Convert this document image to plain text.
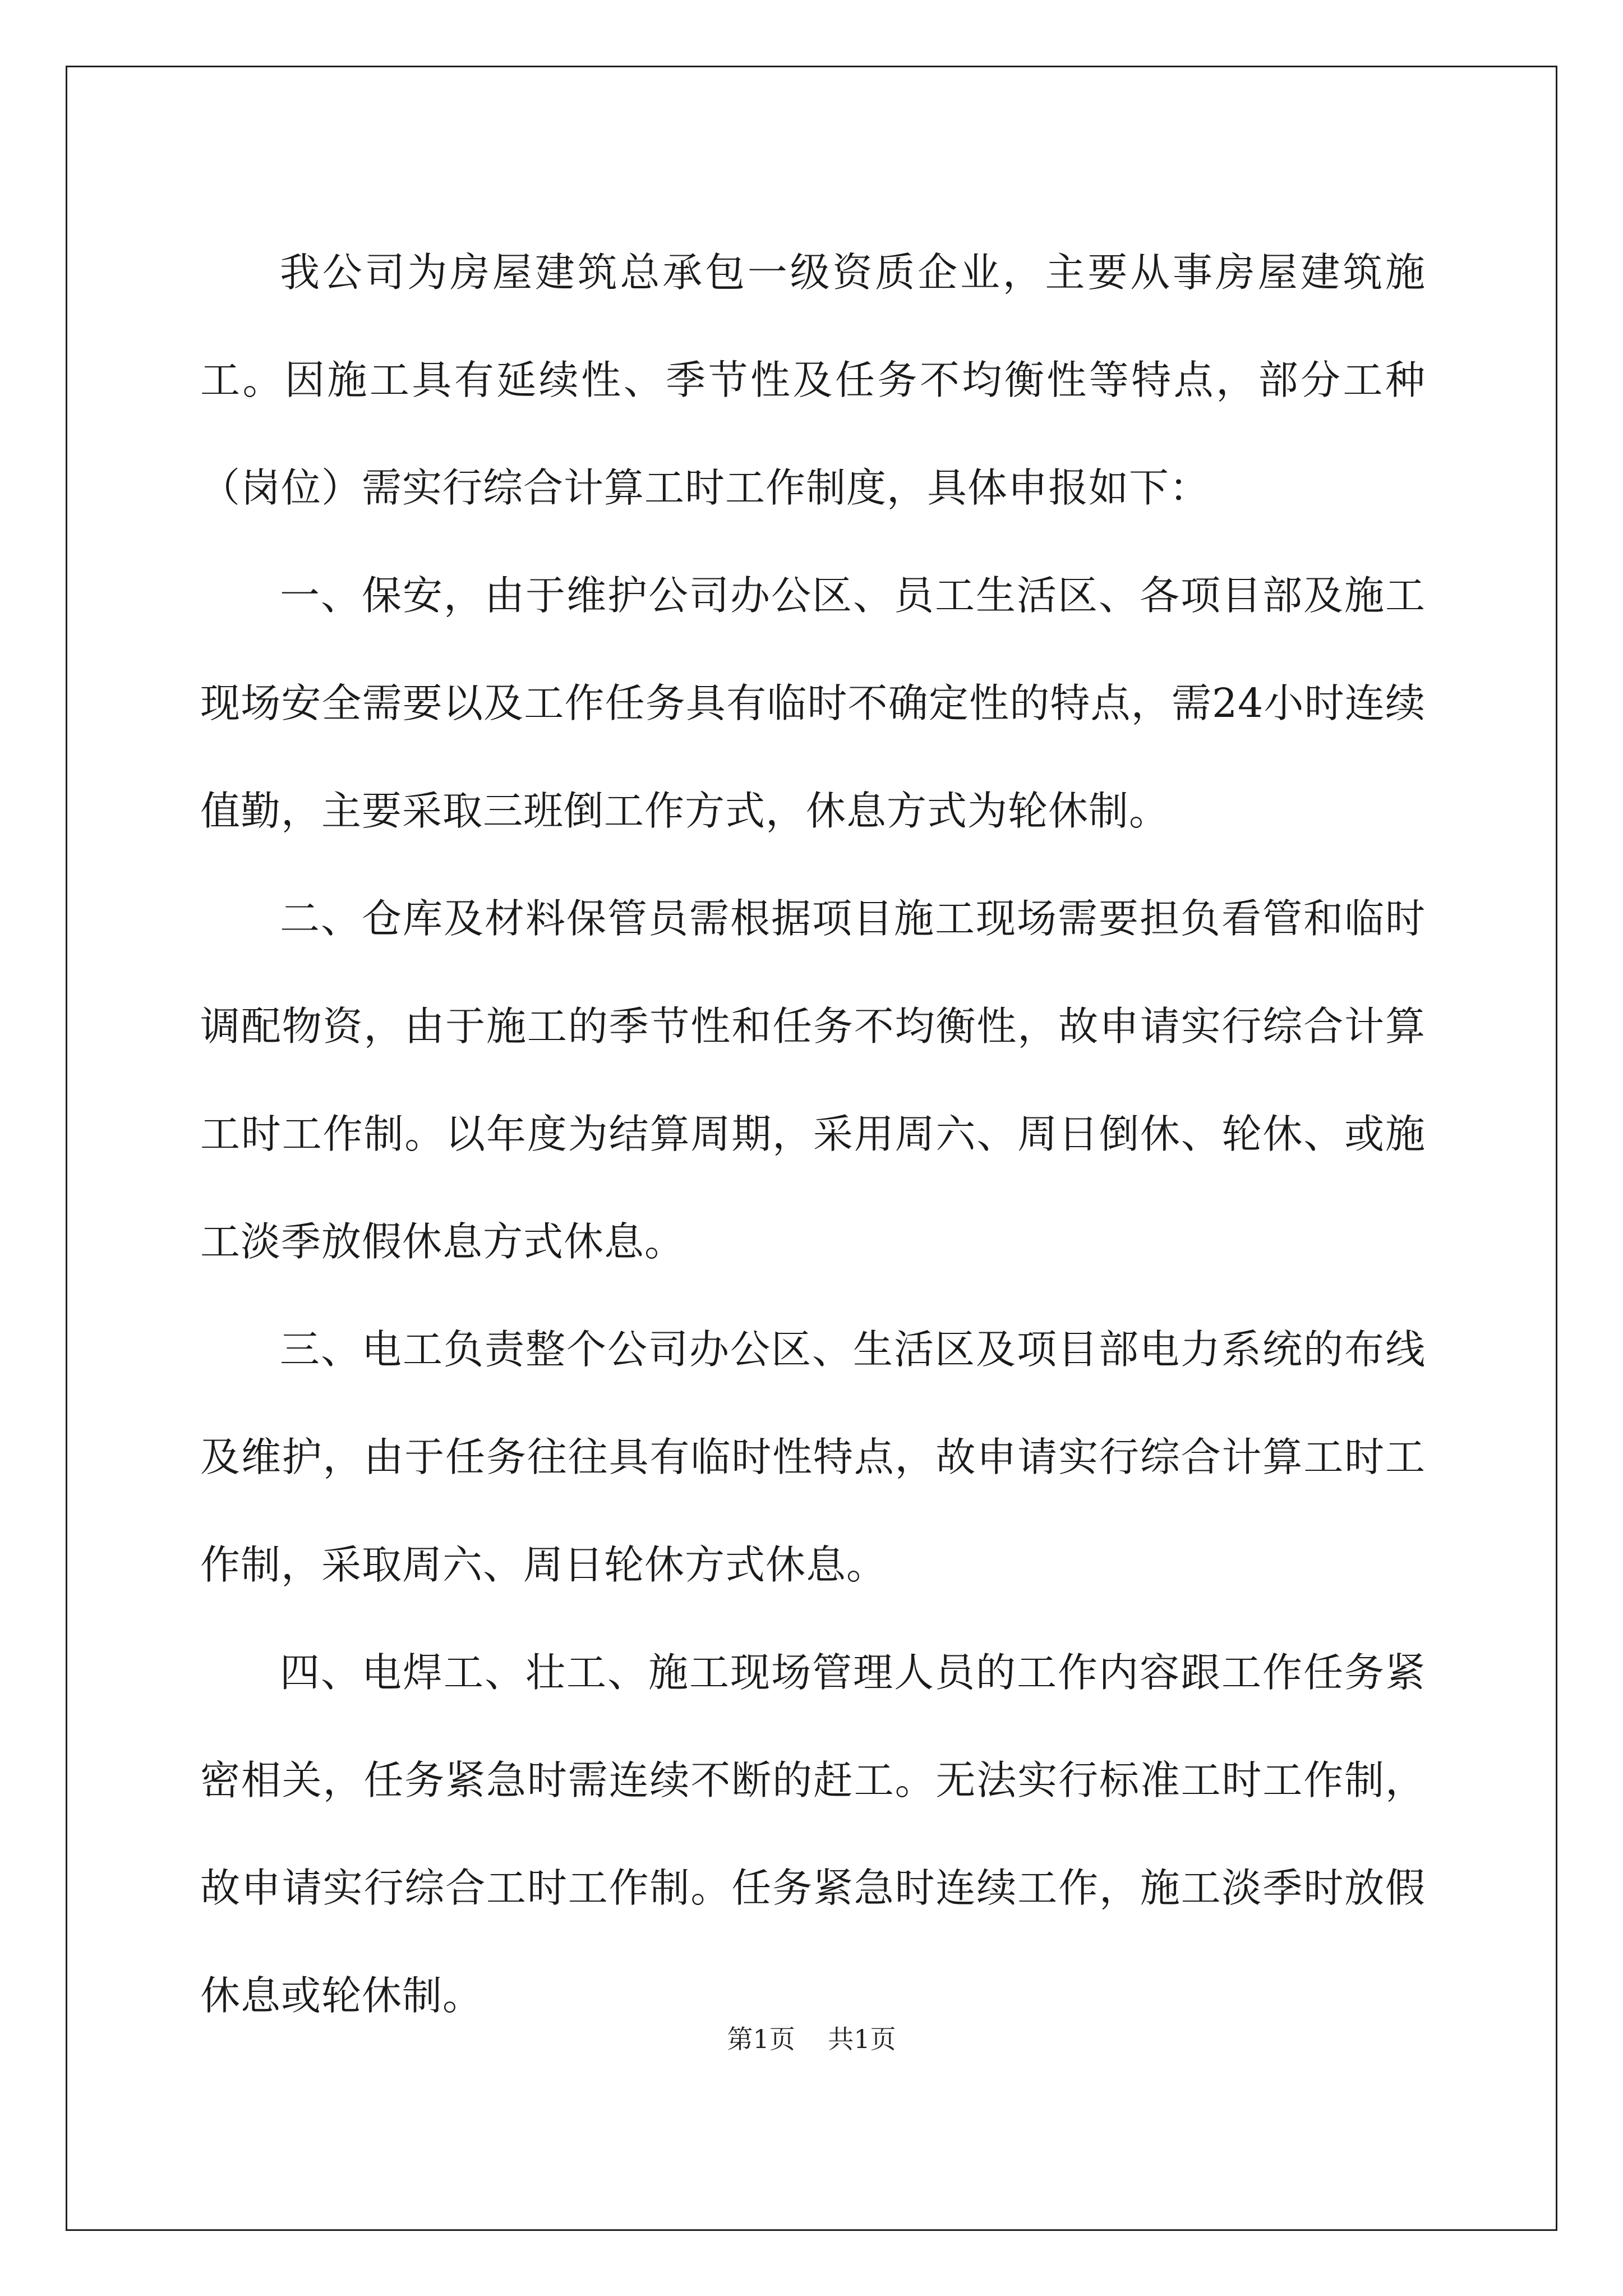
我公司为房屋建筑总承包一级资质企业，主要从事房屋建筑施工。因施工具有延续性、季节性及任务不均衡性等特点，部分工种（岗位）需实行综合计算工时工作制度，具体申报如下：

一、保安，由于维护公司办公区、员工生活区、各项目部及施工现场安全需要以及工作任务具有临时不确定性的特点，需24小时连续值勤，主要采取三班倒工作方式，休息方式为轮休制。

二、仓库及材料保管员需根据项目施工现场需要担负看管和临时调配物资，由于施工的季节性和任务不均衡性，故申请实行综合计算工时工作制。以年度为结算周期，采用周六、周日倒休、轮休、或施工淡季放假休息方式休息。

三、电工负责整个公司办公区、生活区及项目部电力系统的布线及维护，由于任务往往具有临时性特点，故申请实行综合计算工时工作制，采取周六、周日轮休方式休息。

四、电焊工、壮工、施工现场管理人员的工作内容跟工作任务紧密相关，任务紧急时需连续不断的赶工。无法实行标准工时工作制，故申请实行综合工时工作制。任务紧急时连续工作，施工淡季时放假休息或轮休制。

第1页 共1页
